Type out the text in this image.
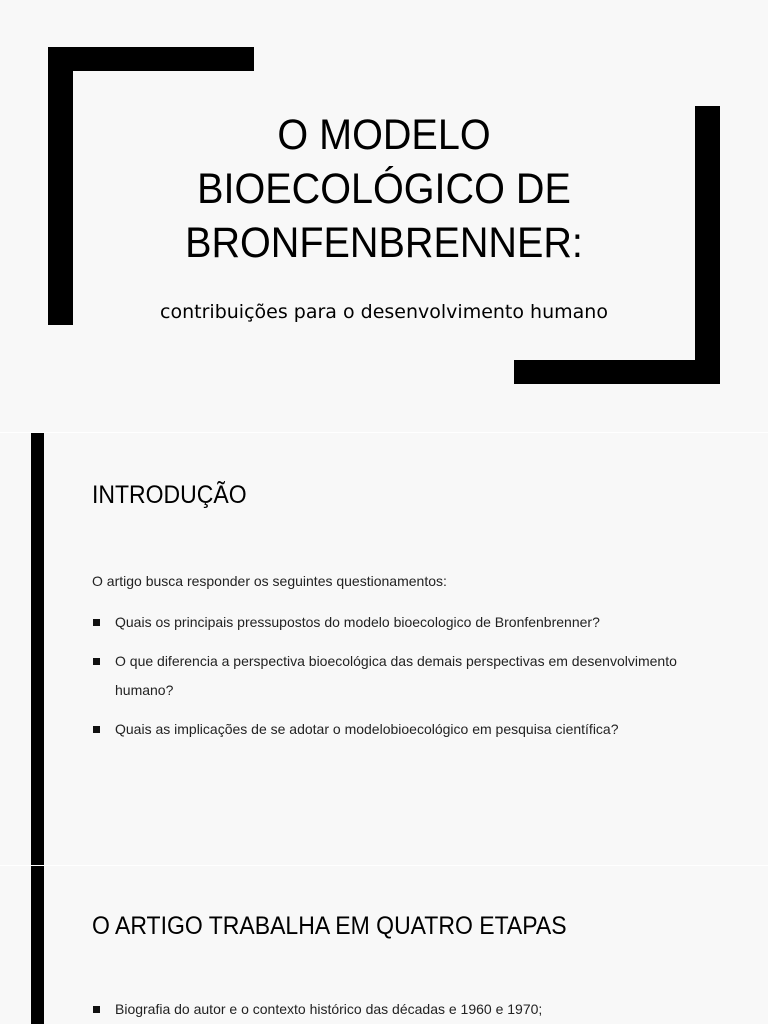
O MODELO
BIOECOLÓGICO DE
BRONFENBRENNER:
contribuições para o desenvolvimento humano
INTRODUÇÃO
O artigo busca responder os seguintes questionamentos:
Quais os principais pressupostos do modelo bioecologico de Bronfenbrenner?
O que diferencia a perspectiva bioecológica das demais perspectivas em desenvolvimento humano?
Quais as implicações de se adotar o modelobioecológico em pesquisa científica?
O ARTIGO TRABALHA EM QUATRO ETAPAS
Biografia do autor e o contexto histórico das décadas e 1960 e 1970;
